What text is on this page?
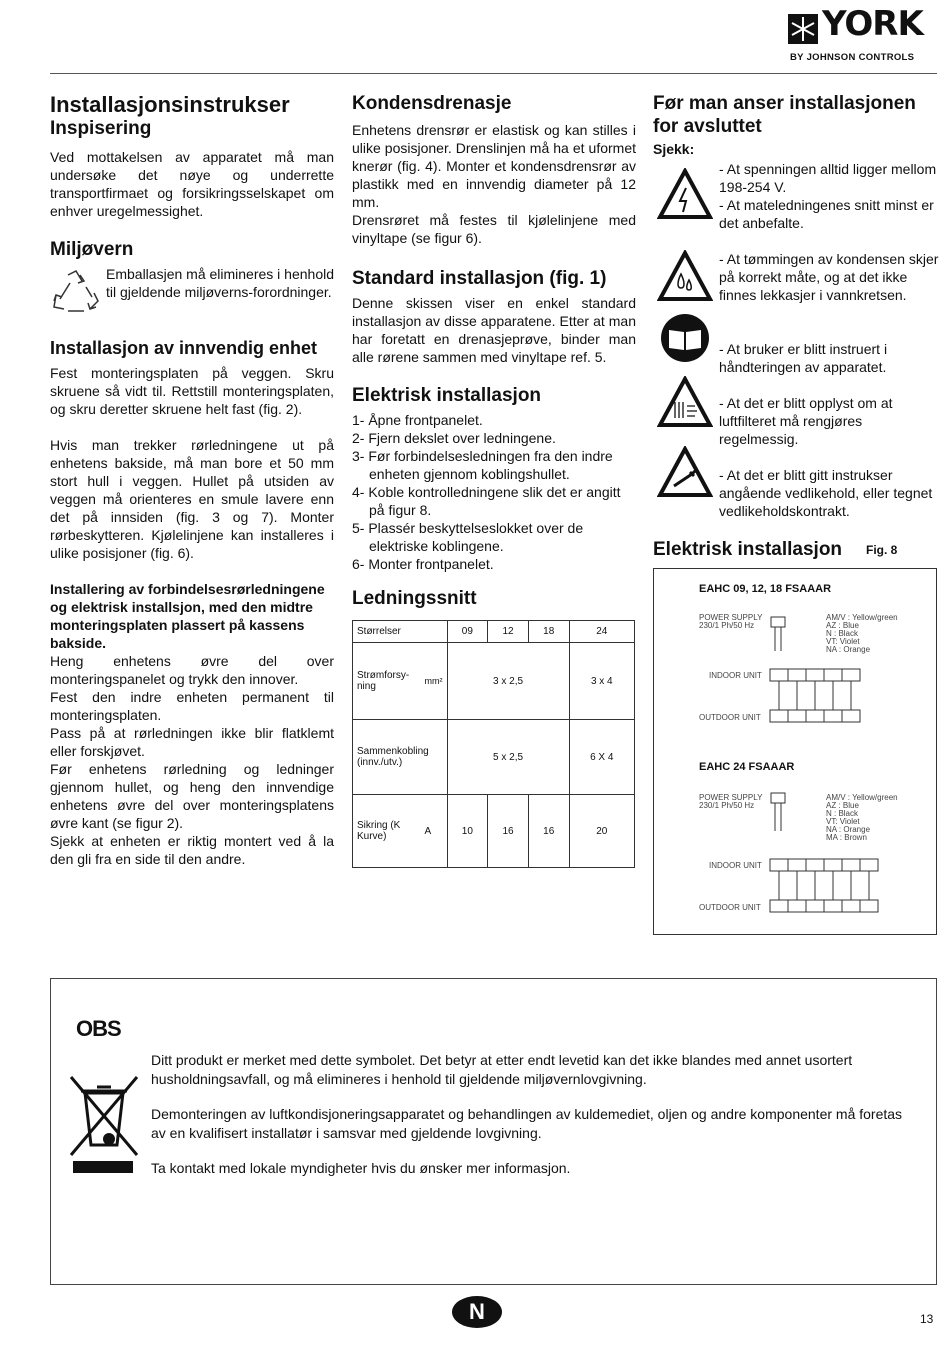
YORK
BY JOHNSON CONTROLS
Installasjonsinstrukser
Inspisering

Ved mottakelsen av apparatet må man undersøke det nøye og underrette transportfirmaet og forsikringsselskapet om enhver uregelmessighet.

Miljøvern

Emballasjen må elimineres i henhold til gjeldende miljøverns-forordninger.

Installasjon av innvendig enhet

Fest monteringsplaten på veggen. Skru skruene så vidt til. Rettstill monteringsplaten, og skru deretter skruene helt fast (fig. 2).

Hvis man trekker rørledningene ut på enhetens bakside, må man bore et 50 mm stort hull i veggen. Hullet på utsiden av veggen må orienteres en smule lavere enn det på innsiden (fig. 3 og 7). Monter rørbeskytteren. Kjølelinjene kan installeres i ulike posisjoner (fig. 6).

Installering av forbindelsesrørledningene og elektrisk installsjon, med den midtre monteringsplaten plassert på kassens bakside.

Heng enhetens øvre del over monteringspanelet og trykk den innover.

Fest den indre enheten permanent til monteringsplaten.

Pass på at rørledningen ikke blir flatklemt eller forskjøvet.

Før enhetens rørledning og ledninger gjennom hullet, og heng den innvendige enhetens øvre del over monteringsplatens øvre kant (se figur 2).

Sjekk at enheten er riktig montert ved å la den gli fra en side til den andre.

Kondensdrenasje

Enhetens drensrør er elastisk og kan stilles i ulike posisjoner. Drenslinjen må ha et uformet knerør (fig. 4). Monter et kondensdrensrør av plastikk med en innvendig diameter på 12 mm.

Drensrøret må festes til kjølelinjene med vinyltape (se figur 6).

Standard installasjon (fig. 1)

Denne skissen viser en enkel standard installasjon av disse apparatene. Etter at man har foretatt en drenasjeprøve, binder man alle rørene sammen med vinyltape ref. 5.

Elektrisk installasjon
1- Åpne frontpanelet.
2- Fjern dekslet over ledningene.
3- Før forbindelsesledningen fra den indre enheten gjennom koblingshullet.
4- Koble kontrolledningene slik det er angitt på figur 8.
5- Plassér beskyttelseslokket over de elektriske koblingene.
6- Monter frontpanelet.
Ledningssnitt
Størrelser		09	12	18	24
Strømforsy-ning	mm²	3 x 2,5			3 x 4
Sammenkobling (innv./utv.)		5 x 2,5			6 X 4
Sikring (K Kurve)	A	10	16	16	20
Før man anser installasjonen for avsluttet

Sjekk:

- At spenningen alltid ligger mellom 198-254 V.

- At mateledningenes snitt minst er det anbefalte.

- At tømmingen av kondensen skjer på korrekt måte, og at det ikke finnes lekkasjer i vannkretsen.

- At bruker er blitt instruert i håndteringen av apparatet.

- At det er blitt opplyst om at luftfilteret må rengjøres regelmessig.

- At det er blitt gitt instrukser angående vedlikehold, eller tegnet vedlikeholdskontrakt.

Elektrisk installasjon Fig. 8
EAHC 09, 12, 18 FSAAAR
POWER SUPPLY
230/1 Ph/50 Hz
AM/V : Yellow/green
AZ : Blue
N : Black
VT: Violet
NA : Orange
INDOOR UNIT
OUTDOOR UNIT
EAHC 24 FSAAAR
POWER SUPPLY
230/1 Ph/50 Hz
AM/V : Yellow/green
AZ : Blue
N : Black
VT: Violet
NA : Orange
MA : Brown
INDOOR UNIT
OUTDOOR UNIT
OBS

Ditt produkt er merket med dette symbolet. Det betyr at etter endt levetid kan det ikke blandes med annet usortert husholdningsavfall, og må elimineres i henhold til gjeldende miljøvernlovgivning.

Demonteringen av luftkondisjoneringsapparatet og behandlingen av kuldemediet, oljen og andre komponenter må foretas av en kvalifisert installatør i samsvar med gjeldende lovgivning.

Ta kontakt med lokale myndigheter hvis du ønsker mer informasjon.

N	13
